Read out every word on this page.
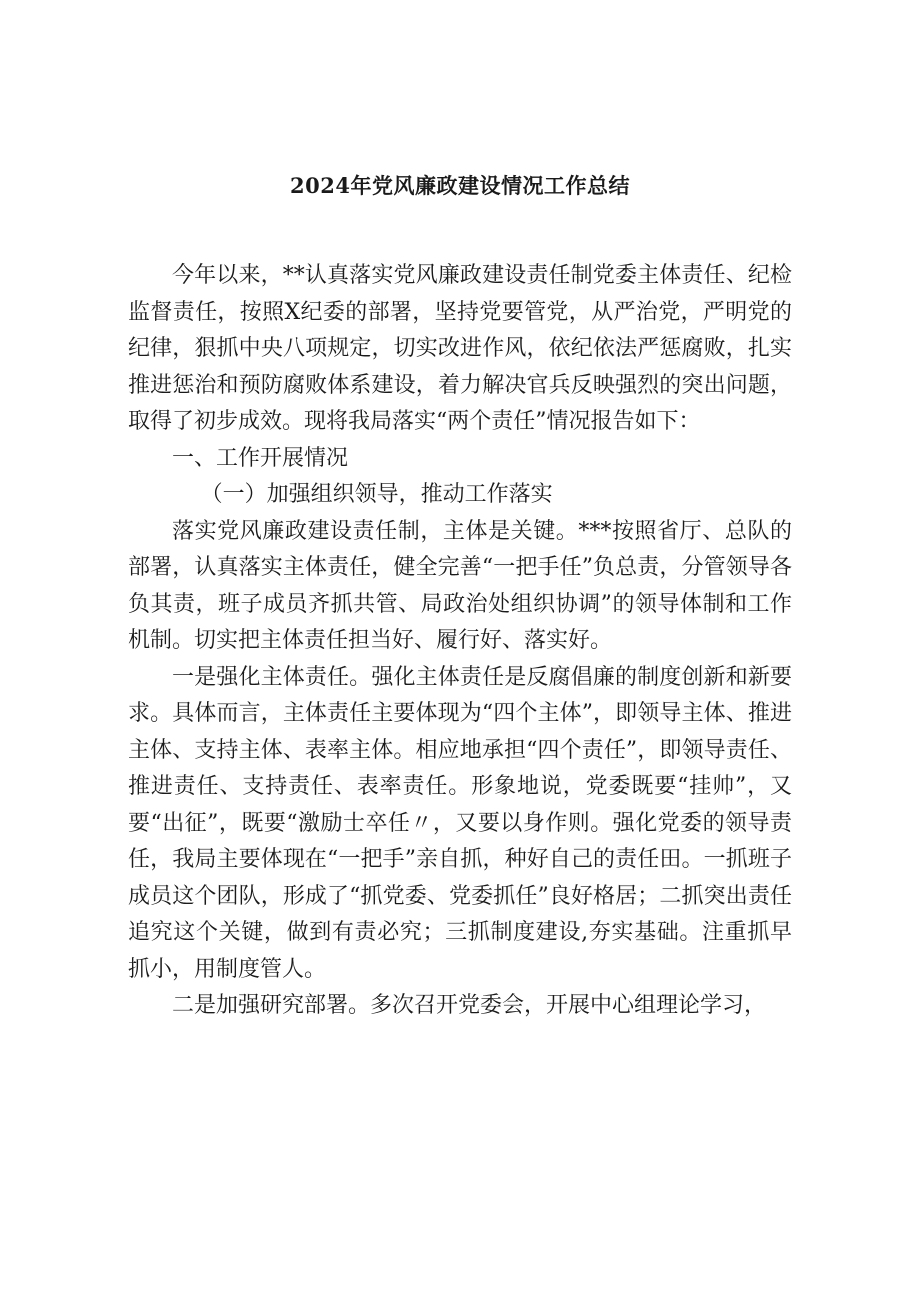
2024年党风廉政建设情况工作总结

今年以来，**认真落实党风廉政建设责任制党委主体责任、纪检监督责任，按照X纪委的部署，坚持党要管党，从严治党，严明党的纪律，狠抓中央八项规定，切实改进作风，依纪依法严惩腐败，扎实推进惩治和预防腐败体系建设，着力解决官兵反映强烈的突出问题，取得了初步成效。现将我局落实“两个责任”情况报告如下：

一、工作开展情况

（一）加强组织领导，推动工作落实

落实党风廉政建设责任制，主体是关键。***按照省厅、总队的部署，认真落实主体责任，健全完善“一把手任”负总责，分管领导各负其责，班子成员齐抓共管、局政治处组织协调”的领导体制和工作机制。切实把主体责任担当好、履行好、落实好。

一是强化主体责任。强化主体责任是反腐倡廉的制度创新和新要求。具体而言，主体责任主要体现为“四个主体”，即领导主体、推进主体、支持主体、表率主体。相应地承担“四个责任”，即领导责任、推进责任、支持责任、表率责任。形象地说，党委既要“挂帅”，又要“出征”，既要“激励士卒任〃，又要以身作则。强化党委的领导责任，我局主要体现在“一把手”亲自抓，种好自己的责任田。一抓班子成员这个团队，形成了“抓党委、党委抓任”良好格居；二抓突出责任追究这个关键，做到有责必究；三抓制度建设,夯实基础。注重抓早抓小，用制度管人。

二是加强研究部署。多次召开党委会，开展中心组理论学习，
